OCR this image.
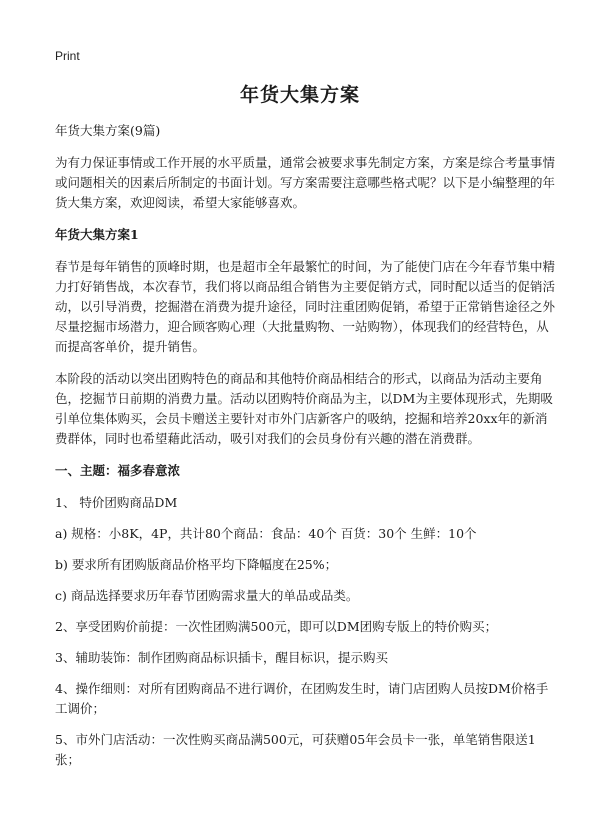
Print
年货大集方案

年货大集方案(9篇)

为有力保证事情或工作开展的水平质量，通常会被要求事先制定方案，方案是综合考量事情或问题相关的因素后所制定的书面计划。写方案需要注意哪些格式呢？以下是小编整理的年货大集方案，欢迎阅读，希望大家能够喜欢。

年货大集方案1

春节是每年销售的顶峰时期，也是超市全年最繁忙的时间，为了能使门店在今年春节集中精力打好销售战，本次春节，我们将以商品组合销售为主要促销方式，同时配以适当的促销活动，以引导消费，挖掘潜在消费为提升途径，同时注重团购促销，希望于正常销售途径之外尽量挖掘市场潜力，迎合顾客购心理（大批量购物、一站购物），体现我们的经营特色，从而提高客单价，提升销售。

本阶段的活动以突出团购特色的商品和其他特价商品相结合的形式，以商品为活动主要角色，挖掘节日前期的消费力量。活动以团购特价商品为主，以DM为主要体现形式，先期吸引单位集体购买，会员卡赠送主要针对市外门店新客户的吸纳，挖掘和培养20xx年的新消费群体，同时也希望藉此活动，吸引对我们的会员身份有兴趣的潜在消费群。

一、主题：福多春意浓

1、 特价团购商品DM

a) 规格：小8K，4P，共计80个商品：食品：40个 百货：30个 生鲜：10个

b) 要求所有团购版商品价格平均下降幅度在25%；

c) 商品选择要求历年春节团购需求量大的单品或品类。

2、享受团购价前提：一次性团购满500元，即可以DM团购专版上的特价购买；

3、辅助装饰：制作团购商品标识插卡，醒目标识，提示购买

4、操作细则：对所有团购商品不进行调价，在团购发生时，请门店团购人员按DM价格手工调价；

5、市外门店活动：一次性购买商品满500元，可获赠05年会员卡一张，单笔销售限送1张；
